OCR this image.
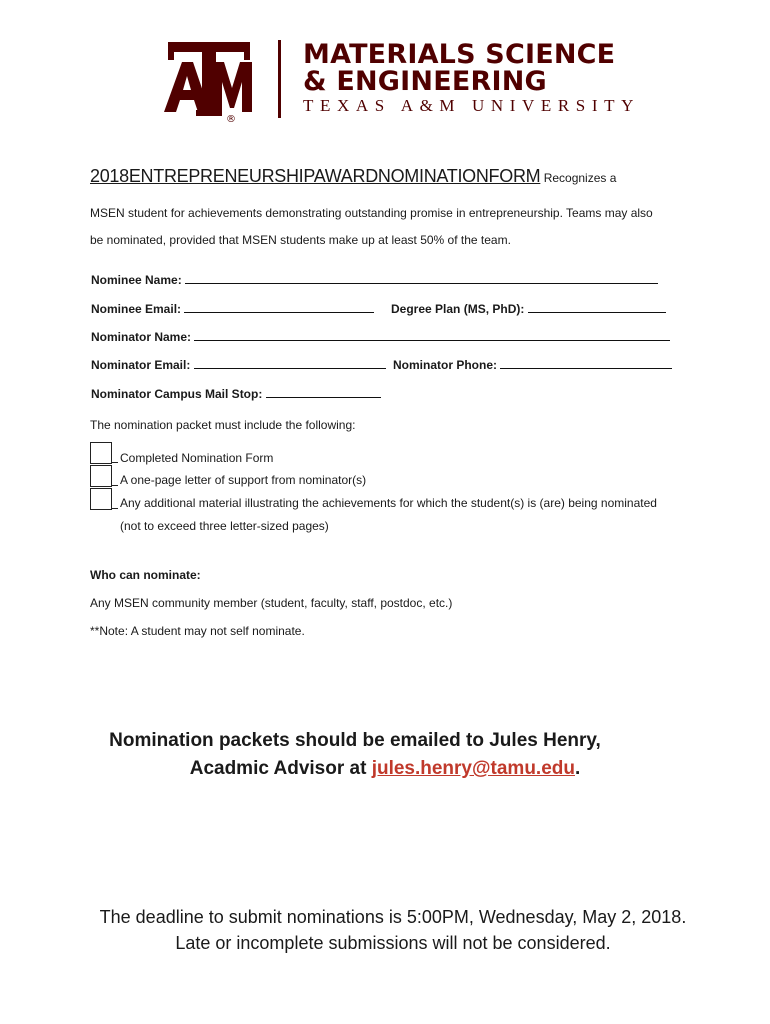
®
MATERIALS SCIENCE
& ENGINEERING
TEXAS A&M UNIVERSITY
2018ENTREPRENEURSHIPAWARDNOMINATIONFORM Recognizes a
MSEN student for achievements demonstrating outstanding promise in entrepreneurship. Teams may also
be nominated, provided that MSEN students make up at least 50% of the team.
Nominee Name:
Nominee Email:	Degree Plan (MS, PhD):
Nominator Name:
Nominator Email:	Nominator Phone:
Nominator Campus Mail Stop:
The nomination packet must include the following:
Completed Nomination Form
A one-page letter of support from nominator(s)
Any additional material illustrating the achievements for which the student(s) is (are) being nominated
(not to exceed three letter-sized pages)
Who can nominate:
Any MSEN community member (student, faculty, staff, postdoc, etc.)
**Note: A student may not self nominate.
Nomination packets should be emailed to Jules Henry,
Acadmic Advisor at jules.henry@tamu.edu.
The deadline to submit nominations is 5:00PM, Wednesday, May 2, 2018.
Late or incomplete submissions will not be considered.
